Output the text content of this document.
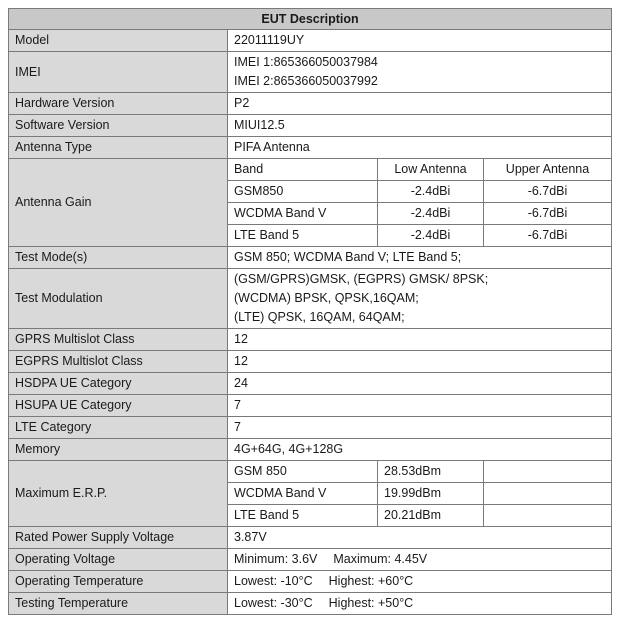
EUT Description			
Model	22011119UY		
IMEI	IMEI 1:865366050037984
IMEI 2:865366050037992		

Hardware Version	P2		
Software Version	MIUI12.5		
Antenna Type	PIFA Antenna		
Antenna Gain	Band	Low Antenna	Upper Antenna
	GSM850	-2.4dBi	-6.7dBi
	WCDMA Band V	-2.4dBi	-6.7dBi
	LTE Band 5	-2.4dBi	-6.7dBi
Test Mode(s)	GSM 850; WCDMA Band V; LTE Band 5;		
Test Modulation	(GSM/GPRS)GMSK, (EGPRS) GMSK/ 8PSK;
(WCDMA) BPSK, QPSK,16QAM;
(LTE) QPSK, 16QAM, 64QAM;		

GPRS Multislot Class	12		
EGPRS Multislot Class	12		
HSDPA UE Category	24		
HSUPA UE Category	7		
LTE Category	7		
Memory	4G+64G, 4G+128G		
Maximum E.R.P.	GSM 850	28.53dBm	
	WCDMA Band V	19.99dBm	
	LTE Band 5	20.21dBm	
Rated Power Supply Voltage	3.87V		
Operating Voltage	Minimum: 3.6V Maximum: 4.45V		
Operating Temperature	Lowest: -10°C Highest: +60°C		
Testing Temperature	Lowest: -30°C Highest: +50°C		
